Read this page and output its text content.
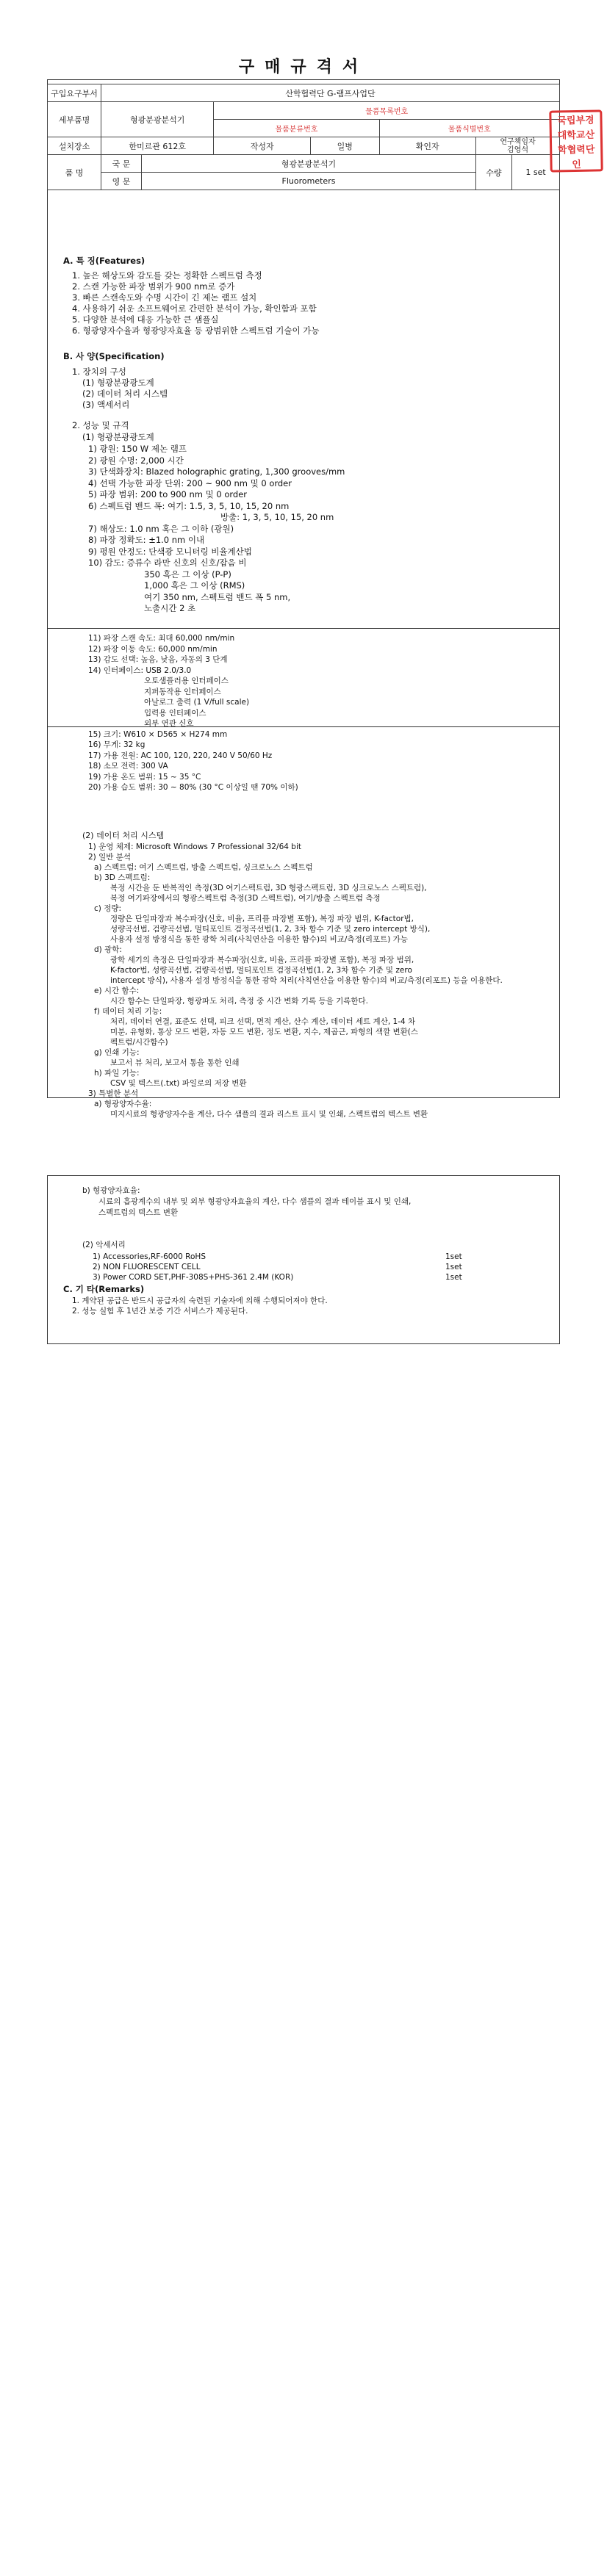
구매규격서
구입요구부서	산학협력단 G-램프사업단						
세부품명	형광분광분석기		물품목록번호				
			물품분류번호		물품식별번호		
설치장소	한미르관 612호		작성자	일병	확인자	연구책임자
김영석	
품 명	국 문	형광분광분석기				수량	1 set
	영 문	Fluorometers					
국립부경
대학교산
학협력단
인
A. 특 징(Features)
1. 높은 해상도와 감도를 갖는 정확한 스펙트럼 측정
2. 스캔 가능한 파장 범위가 900 nm로 증가
3. 빠른 스캔속도와 수명 시간이 긴 제논 램프 설치
4. 사용하기 쉬운 소프트웨어로 간편한 분석이 가능, 확인함과 포함
5. 다양한 분석에 대응 가능한 큰 샘플실
6. 형광양자수율과 형광양자효율 등 광범위한 스펙트럼 기술이 가능
B. 사 양(Specification)
1. 장치의 구성
(1) 형광분광광도계
(2) 데이터 처리 시스템
(3) 액세서리
2. 성능 및 규격
(1) 형광분광광도계
1) 광원: 150 W 제논 램프
2) 광원 수명: 2,000 시간
3) 단색화장치: Blazed holographic grating, 1,300 grooves/mm
4) 선택 가능한 파장 단위: 200 ~ 900 nm 및 0 order
5) 파장 범위: 200 to 900 nm 및 0 order
6) 스펙트럼 밴드 폭: 여기: 1.5, 3, 5, 10, 15, 20 nm
방출: 1, 3, 5, 10, 15, 20 nm
7) 해상도: 1.0 nm 혹은 그 이하 (광원)
8) 파장 정확도: ±1.0 nm 이내
9) 평원 안정도: 단색광 모니터링 비율계산법
10) 감도: 증류수 라만 신호의 신호/잡음 비
350 혹은 그 이상 (P-P)
1,000 혹은 그 이상 (RMS)
여기 350 nm, 스펙트럼 밴드 폭 5 nm,
노출시간 2 초
11) 파장 스캔 속도: 최대 60,000 nm/min
12) 파장 이동 속도: 60,000 nm/min
13) 감도 선택: 높음, 낮음, 자동의 3 단계
14) 인터페이스: USB 2.0/3.0
오토샘플러용 인터페이스
지퍼동작용 인터페이스
아날로그 출력 (1 V/full scale)
입력용 인터페이스
외부 연관 신호
15) 크기: W610 × D565 × H274 mm
16) 무게: 32 kg
17) 가용 전원: AC 100, 120, 220, 240 V 50/60 Hz
18) 소모 전력: 300 VA
19) 가용 온도 범위: 15 ~ 35 °C
20) 가용 습도 범위: 30 ~ 80% (30 °C 이상일 땐 70% 이하)
(2) 데이터 처리 시스템
1) 운영 체제: Microsoft Windows 7 Professional 32/64 bit
2) 일반 분석
a) 스펙트럼: 여기 스펙트럼, 방출 스펙트럼, 싱크로노스 스펙트럼
b) 3D 스펙트럼:
복정 시간을 둔 반복적인 측정(3D 여기스펙트럼, 3D 형광스펙트럼, 3D 싱크로노스 스펙트럼),
복정 여기파장에서의 형광스펙트럼 측정(3D 스펙트럼), 여기/방출 스펙트럼 측정
c) 정량:
정량은 단일파장과 복수파장(신호, 비율, 프리플 파장별 포함), 복정 파장 범위, K-factor법,
성량곡선법, 검량곡선법, 멀티포인트 검정곡선법(1, 2, 3차 함수 기준 및 zero intercept 방식),
사용자 설정 방정식을 통한 광학 처리(사칙연산을 이용한 함수)의 비교/측정(리포트) 가능
d) 광학:
광학 세기의 측정은 단일파장과 복수파장(신호, 비율, 프리플 파장별 포함), 복정 파장 범위,
K-factor법, 성량곡선법, 검량곡선법, 멀티포인트 검정곡선법(1, 2, 3차 함수 기준 및 zero
intercept 방식), 사용자 설정 방정식을 통한 광학 처리(사칙연산을 이용한 함수)의 비교/측정(리포트) 등을 이용한다.
e) 시간 함수:
시간 함수는 단일파장, 형광파도 처리, 측정 중 시간 변화 기록 등을 기록한다.
f) 데이터 처리 기능:
처리, 데이터 연결, 표준도 선택, 피크 선택, 면적 계산, 산수 계산, 데이터 세트 계산, 1-4 차
미분, 유형화, 통상 모드 변환, 자동 모드 변환, 정도 변환, 지수, 제곱근, 파형의 색깔 변환(스
펙트럼/시간함수)
g) 인쇄 기능:
보고서 뷰 처리, 보고서 통을 통한 인쇄
h) 파일 기능:
CSV 및 텍스트(.txt) 파일로의 저장 변환
3) 특별한 분석
a) 형광양자수율:
미지시료의 형광양자수율 계산, 다수 샘플의 결과 리스트 표시 및 인쇄, 스펙트럼의 텍스트 변환
b) 형광양자효율:
시료의 흡광계수의 내부 및 외부 형광양자효율의 계산, 다수 샘플의 결과 테이블 표시 및 인쇄,
스펙트럼의 텍스트 변환
(2) 악세서리
1) Accessories,RF-6000 RoHS	1set
2) NON FLUORESCENT CELL	1set
3) Power CORD SET,PHF-308S+PHS-361 2.4M (KOR)	1set
C. 기 타(Remarks)
1. 계약된 공급은 반드시 공급자의 숙련된 기술자에 의해 수행되어져야 한다.
2. 성능 실험 후 1년간 보증 기간 서비스가 제공된다.
